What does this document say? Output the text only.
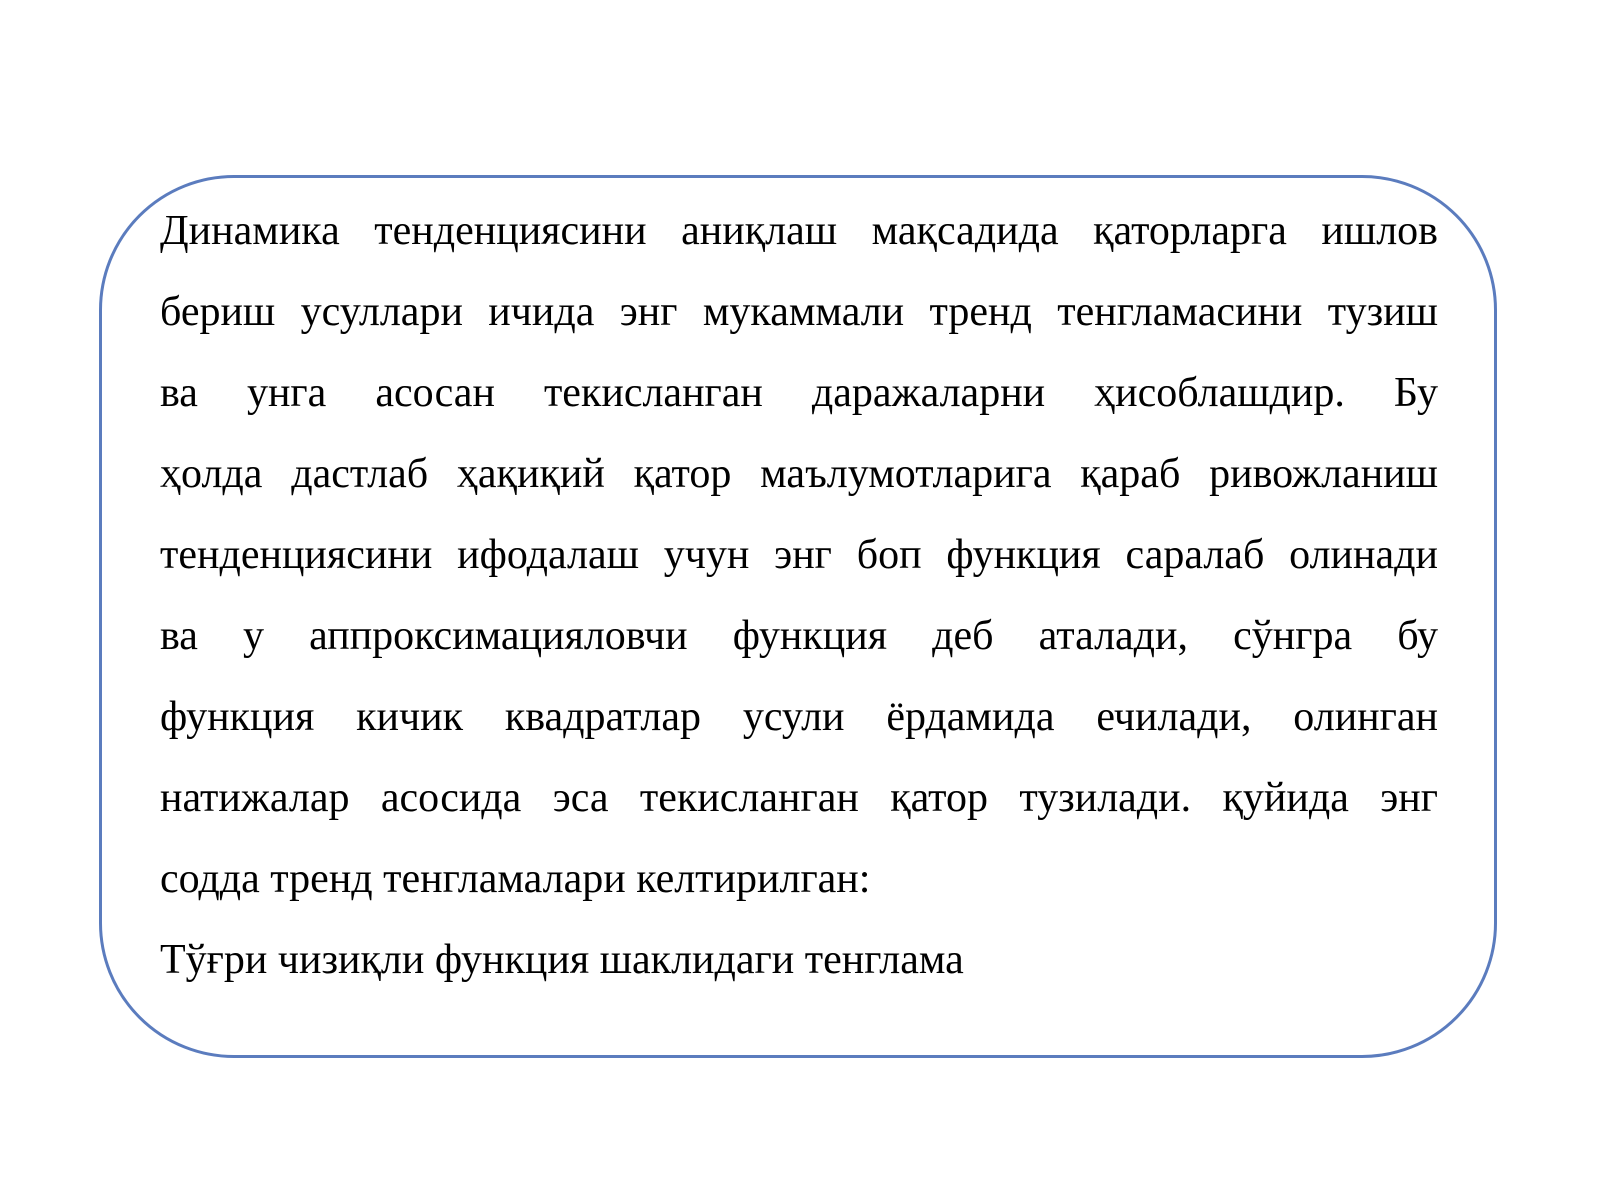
Динамика тенденциясини аниқлаш мақсадида қаторларга ишлов
бериш усуллари ичида энг мукаммали тренд тенгламасини тузиш
ва унга асосан текисланган даражаларни ҳисоблашдир. Бу
ҳолда дастлаб ҳақиқий қатор маълумотларига қараб ривожланиш
тенденциясини ифодалаш учун энг боп функция саралаб олинади
ва у аппроксимацияловчи функция деб аталади, сўнгра бу
функция кичик квадратлар усули ёрдамида ечилади, олинган
натижалар асосида эса текисланган қатор тузилади. қуйида энг
содда тренд тенгламалари келтирилган:
Тўғри чизиқли функция шаклидаги тенглама
